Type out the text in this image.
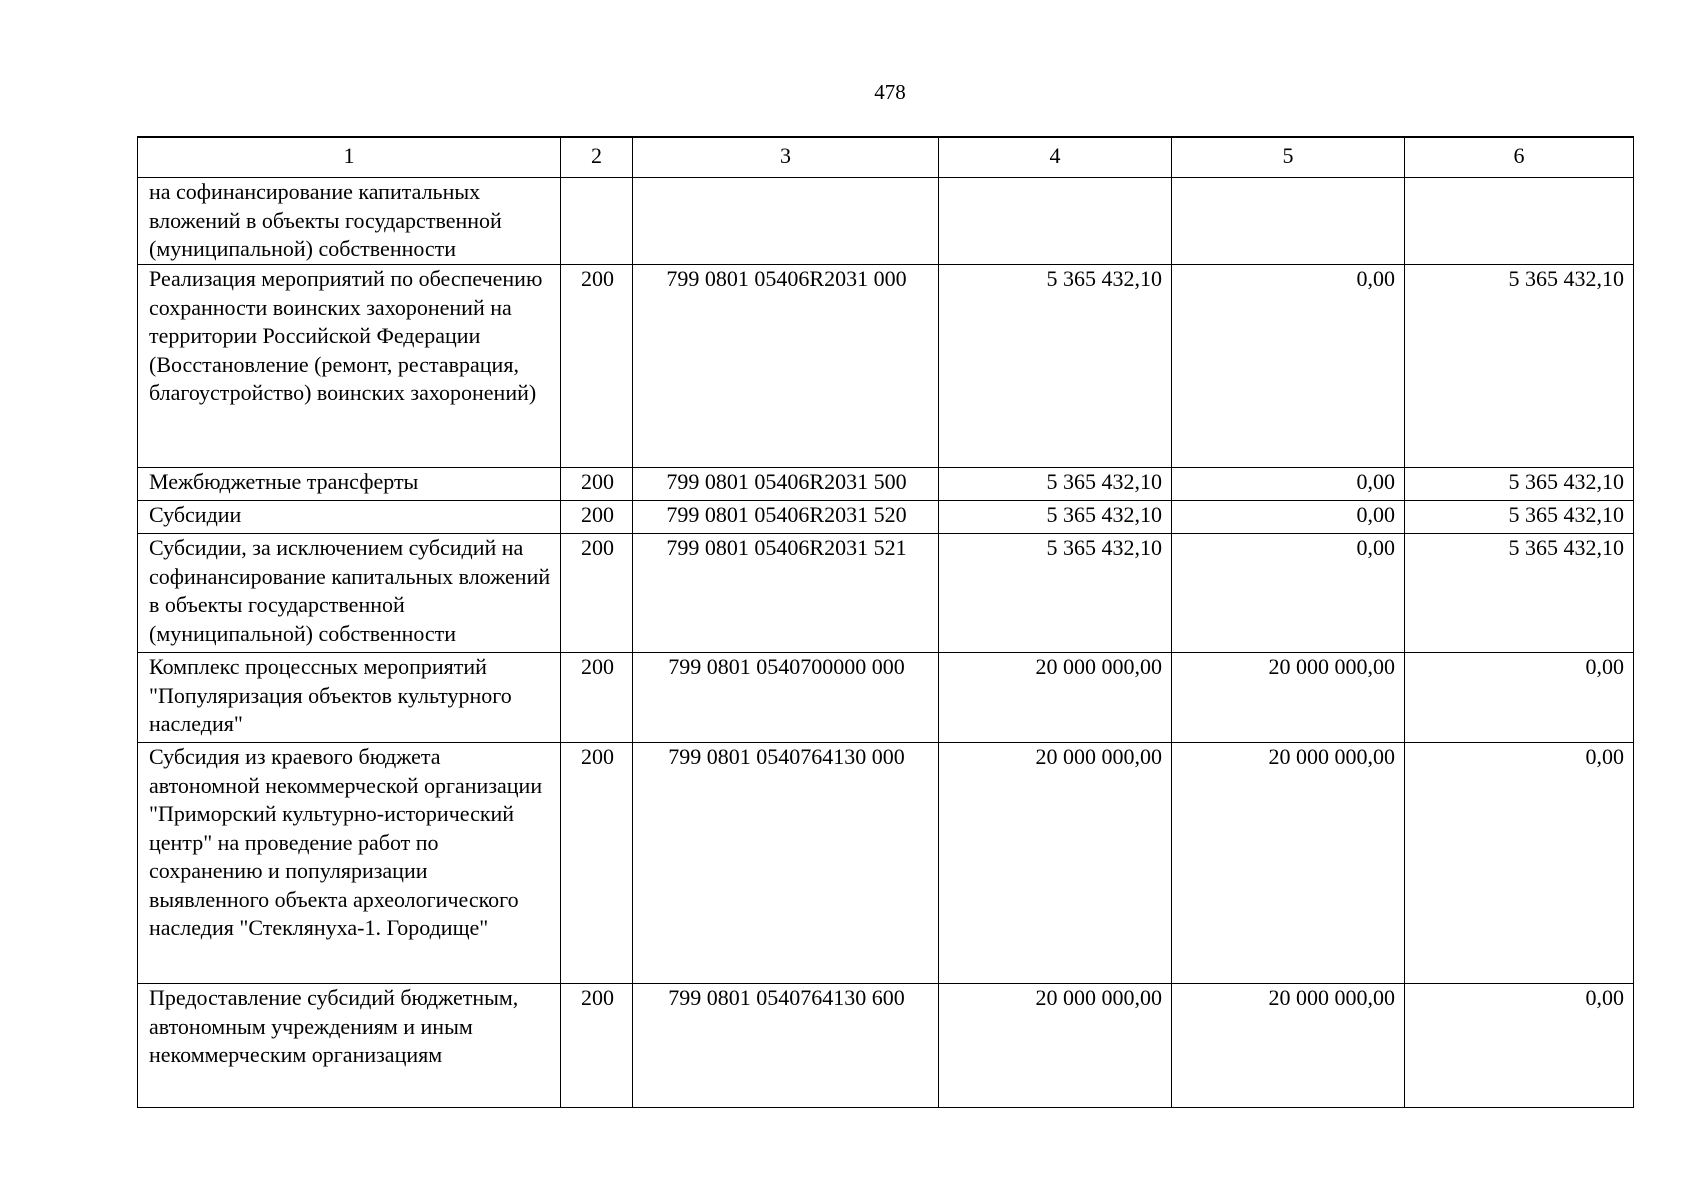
478
1	2	3	4	5	6
на софинансирование капитальных вложений в объекты государственной (муниципальной) собственности					
Реализация мероприятий по обеспечению сохранности воинских захоронений на территории Российской Федерации (Восстановление (ремонт, реставрация, благоустройство) воинских захоронений)	200	799 0801 05406R2031 000	5 365 432,10	0,00	5 365 432,10
Межбюджетные трансферты	200	799 0801 05406R2031 500	5 365 432,10	0,00	5 365 432,10
Субсидии	200	799 0801 05406R2031 520	5 365 432,10	0,00	5 365 432,10
Субсидии, за исключением субсидий на софинансирование капитальных вложений в объекты государственной (муниципальной) собственности	200	799 0801 05406R2031 521	5 365 432,10	0,00	5 365 432,10
Комплекс процессных мероприятий "Популяризация объектов культурного наследия"	200	799 0801 0540700000 000	20 000 000,00	20 000 000,00	0,00
Субсидия из краевого бюджета автономной некоммерческой организации "Приморский культурно-исторический центр" на проведение работ по сохранению и популяризации выявленного объекта археологического наследия "Стеклянуха-1. Городище"	200	799 0801 0540764130 000	20 000 000,00	20 000 000,00	0,00
Предоставление субсидий бюджетным, автономным учреждениям и иным некоммерческим организациям	200	799 0801 0540764130 600	20 000 000,00	20 000 000,00	0,00
